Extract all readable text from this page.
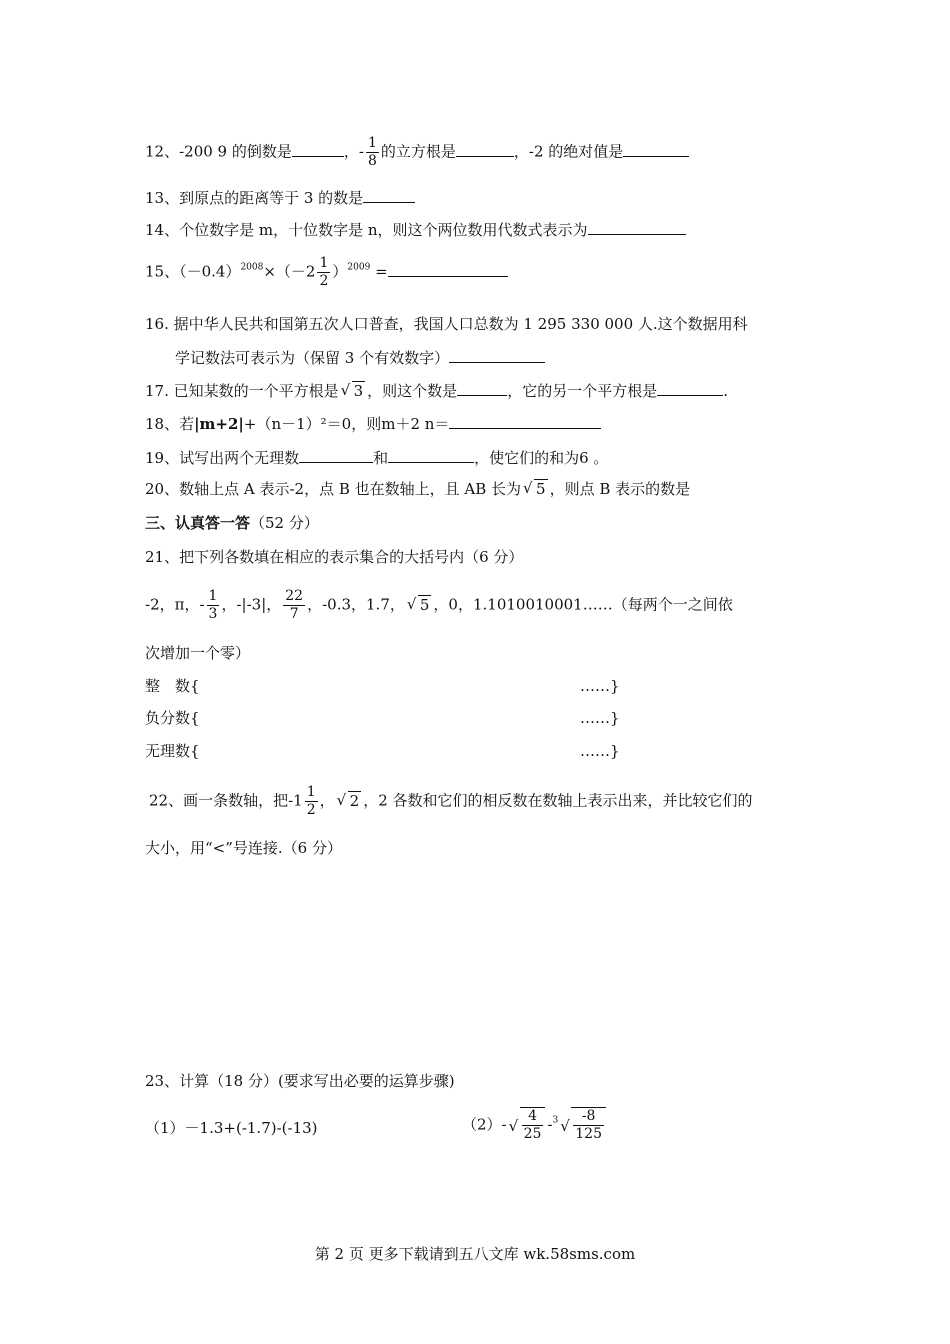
12、-200 9 的倒数是	，- $\frac{1}{8}$ 的立方根是	，-2 的绝对值是
13、到原点的距离等于 3 的数是
14、个位数字是 m，十位数字是 n，则这个两位数用代数式表示为
15、$(-0.4)^{2008}\times(-2 \frac{1}{2} )^{2009}$ =
16. 据中华人民共和国第五次人口普查，我国人口总数为 1 295 330 000 人.这个数据用科
学记数法可表示为（保留 3 个有效数字）
17. 已知某数的一个平方根是 √ 3 ，则这个数是	，它的另一个平方根是	.
18、若|m+2|+（n－1）²＝0，则m＋2 n＝
19、试写出两个无理数	和	，使它们的和为6 。
20、数轴上点 A 表示-2，点 B 也在数轴上，且 AB 长为 √ 5 ，则点 B 表示的数是
三、认真答一答（52 分）
21、把下列各数填在相应的表示集合的大括号内（6 分）
-2，π，- $\frac{1}{3}$ ，-|-3|， $\frac{22}{7}$ ，-0.3，1.7， √ 5 ，0，1.1010010001……（每两个一之间依
次增加一个零）
整　数{	……}
负分数{	……}
无理数{	……}
22、画一条数轴，把$-1 \frac{1}{2}$ ， √ 2 ，2 各数和它们的相反数在数轴上表示出来，并比较它们的
大小，用“<”号连接.（6 分）
23、计算（18 分）(要求写出必要的运算步骤)
（1）－1.3+(-1.7)-(-13)	（2）- √ $\frac{4}{25} -^3$ √ $\frac{-8}{125}$
第 2 页 更多下载请到五八文库 wk.58sms.com
